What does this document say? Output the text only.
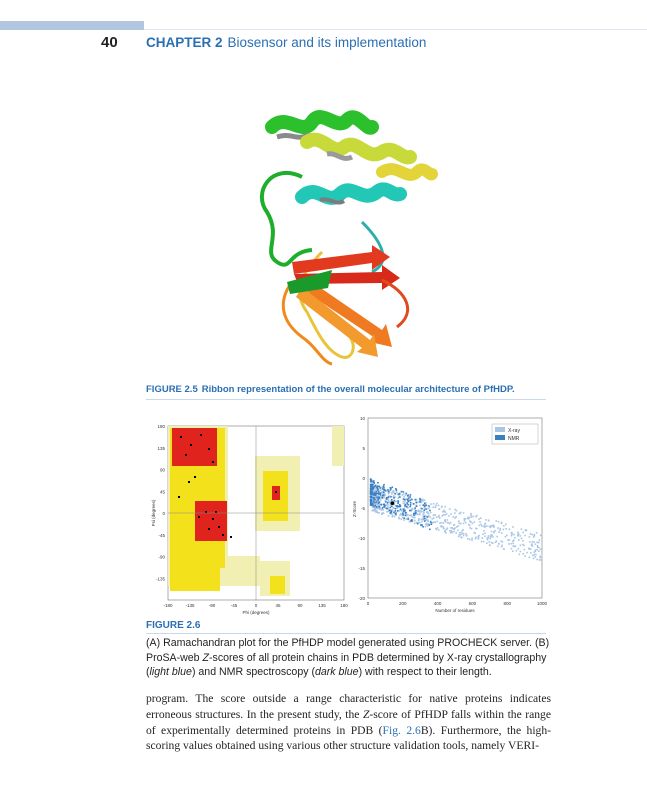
40 CHAPTER 2 Biosensor and its implementation
FIGURE 2.5 Ribbon representation of the overall molecular architecture of PfHDP.
-180	-135	-90	-45	0	45	90	135	180
180
135
90
45
0
-45
-90
-135
Phi (degrees)
Psi (degrees)
0	200	400	600	800	1000
10
5
0
-5
-10
-15
-20
Number of residues
Z-Score
X-ray
NMR
FIGURE 2.6
(A) Ramachandran plot for the PfHDP model generated using PROCHECK server. (B) ProSA-web Z-scores of all protein chains in PDB determined by X-ray crystallography (light blue) and NMR spectroscopy (dark blue) with respect to their length.
program. The score outside a range characteristic for native proteins indicates erroneous structures. In the present study, the Z-score of PfHDP falls within the range of experimentally determined proteins in PDB (Fig. 2.6B). Furthermore, the high-scoring values obtained using various other structure validation tools, namely VERI-
